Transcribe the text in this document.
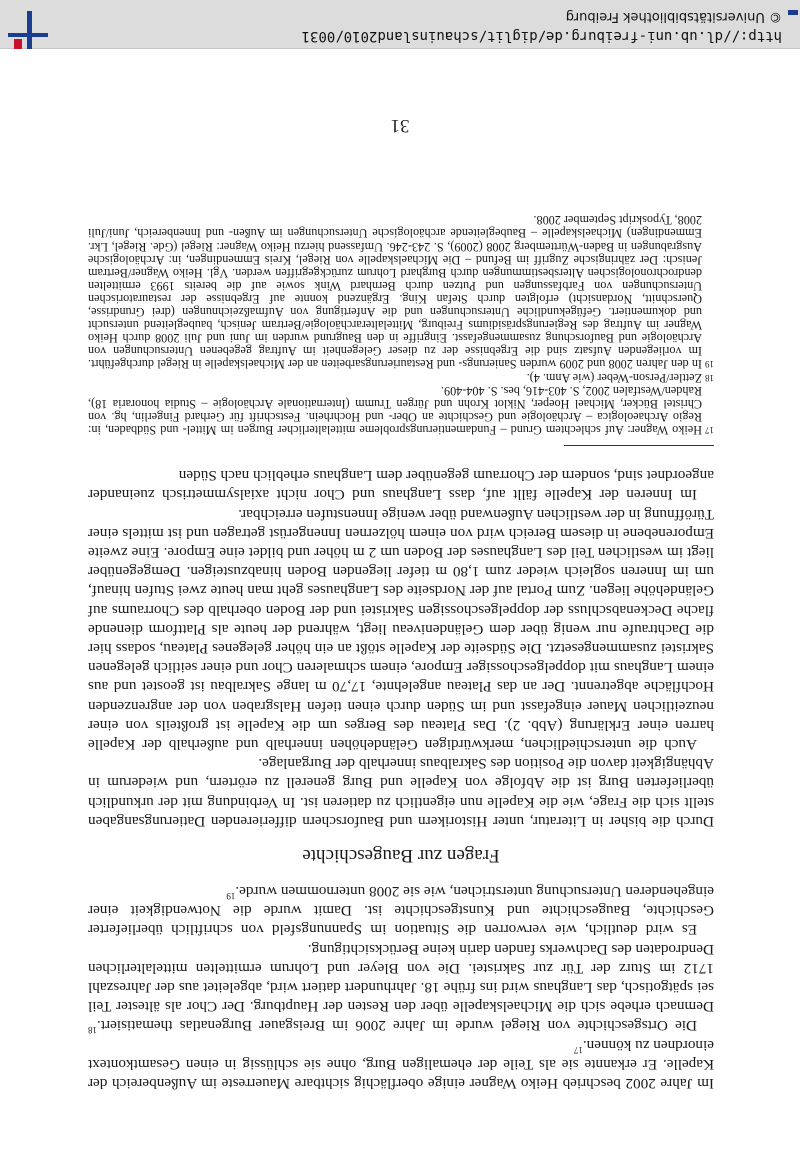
Im Jahre 2002 beschrieb Heiko Wagner einige oberflächig sichtbare Mauerreste im Außenbereich der Kapelle. Er erkannte sie als Teile der ehemaligen Burg, ohne sie schlüssig in einen Gesamtkontext einordnen zu können.$^{17}$

Die Ortsgeschichte von Riegel wurde im Jahre 2006 im Breisgauer Burgenatlas thematisiert.$^{18}$ Demnach erhebe sich die Michaelskapelle über den Resten der Hauptburg. Der Chor als ältester Teil sei spätgotisch, das Langhaus wird ins frühe 18. Jahrhundert datiert wird, abgeleitet aus der Jahreszahl 1712 im Sturz der Tür zur Sakristei. Die von Bleyer und Lohrum ermittelten mittelalterlichen Dendrodaten des Dachwerks fanden darin keine Berücksichtigung.

Es wird deutlich, wie verworren die Situation im Spannungsfeld von schriftlich überlieferter Geschichte, Baugeschichte und Kunstgeschichte ist. Damit wurde die Notwendigkeit einer eingehenderen Untersuchung unterstrichen, wie sie 2008 unternommen wurde.$^{19}$

Fragen zur Baugeschichte

Durch die bisher in Literatur, unter Historikern und Bauforschern differierenden Datierungsangaben stellt sich die Frage, wie die Kapelle nun eigentlich zu datieren ist. In Verbindung mit der urkundlich überlieferten Burg ist die Abfolge von Kapelle und Burg generell zu erörtern, und wiederum in Abhängigkeit davon die Position des Sakralbaus innerhalb der Burganlage.

Auch die unterschiedlichen, merkwürdigen Geländehöhen innerhalb und außerhalb der Kapelle harren einer Erklärung (Abb. 2). Das Plateau des Berges um die Kapelle ist großteils von einer neuzeitlichen Mauer eingefasst und im Süden durch einen tiefen Halsgraben von der angrenzenden Hochfläche abgetrennt. Der an das Plateau angelehnte, 17,70 m lange Sakralbau ist geostet und aus einem Langhaus mit doppelgeschossiger Empore, einem schmaleren Chor und einer seitlich gelegenen Sakristei zusammengesetzt. Die Südseite der Kapelle stößt an ein höher gelegenes Plateau, sodass hier die Dachtraufe nur wenig über dem Geländeniveau liegt, während der heute als Plattform dienende flache Deckenabschluss der doppelgeschossigen Sakristei und der Boden oberhalb des Chorraums auf Geländehöhe liegen. Zum Portal auf der Nordseite des Langhauses geht man heute zwei Stufen hinauf, um im Inneren sogleich wieder zum 1,80 m tiefer liegenden Boden hinabzusteigen. Demgegenüber liegt im westlichen Teil des Langhauses der Boden um 2 m höher und bildet eine Empore. Eine zweite Emporenebene in diesem Bereich wird von einem hölzernen Innengerüst getragen und ist mittels einer Türöffnung in der westlichen Außenwand über wenige Innenstufen erreichbar.

Im Inneren der Kapelle fällt auf, dass Langhaus und Chor nicht axialsymmetrisch zueinander angeordnet sind, sondern der Chorraum gegenüber dem Langhaus erheblich nach Süden

17Heiko Wagner: Auf schlechtem Grund – Fundamentierungsprobleme mittelalterlicher Burgen im Mittel- und Südbaden, in: Regio Archaeologica – Archäologie und Geschichte an Ober- und Hochrhein. Festschrift für Gerhard Fingerlin, hg. von Christel Bücker, Michael Hoeper, Niklot Krohn und Jürgen Trumm (Internationale Archäologie – Studia honoraria 18), Rahden/Westfalen 2002, S. 403-416, bes. S. 404-409.

18Zettler/Person-Weber (wie Anm. 4).

19In den Jahren 2008 und 2009 wurden Sanierungs- und Restaurierungsarbeiten an der Michaelskapelle in Riegel durchgeführt. Im vorliegenden Aufsatz sind die Ergebnisse der zu dieser Gelegenheit im Auftrag gegebenen Untersuchungen von Archäologie und Bauforschung zusammengefasst. Eingriffe in den Baugrund wurden im Juni und Juli 2008 durch Heiko Wagner im Auftrag des Regierungspräsidiums Freiburg, Mittelalterarchäologie/Bertram Jenisch, baubegleitend untersucht und dokumentiert. Gefügekundliche Untersuchungen und die Anfertigung von Aufmaßzeichnungen (drei Grundrisse, Querschnitt, Nordansicht) erfolgten durch Stefan King. Ergänzend konnte auf Ergebnisse der restauratorischen Untersuchungen von Farbfassungen und Putzen durch Bernhard Wink sowie auf die bereits 1993 ermittelten dendrochronologischen Altersbestimmungen durch Burghard Lohrum zurückgegriffen werden. Vgl. Heiko Wagner/Bertram Jenisch: Der zähringische Zugriff im Befund – Die Michaelskapelle von Riegel, Kreis Emmendingen, in: Archäologische Ausgrabungen in Baden-Württemberg 2008 (2009), S. 243-246. Umfassend hierzu Heiko Wagner: Riegel (Gde. Riegel, Lkr. Emmendingen) Michaelskapelle – Baubegleitende archäologische Untersuchungen im Außen- und Innenbereich, Juni/Juli 2008, Typoskript September 2008.

31
http://dl.ub.uni-freiburg.de/diglit/schauinsland2010/0031
© Universitätsbibliothek Freiburg
